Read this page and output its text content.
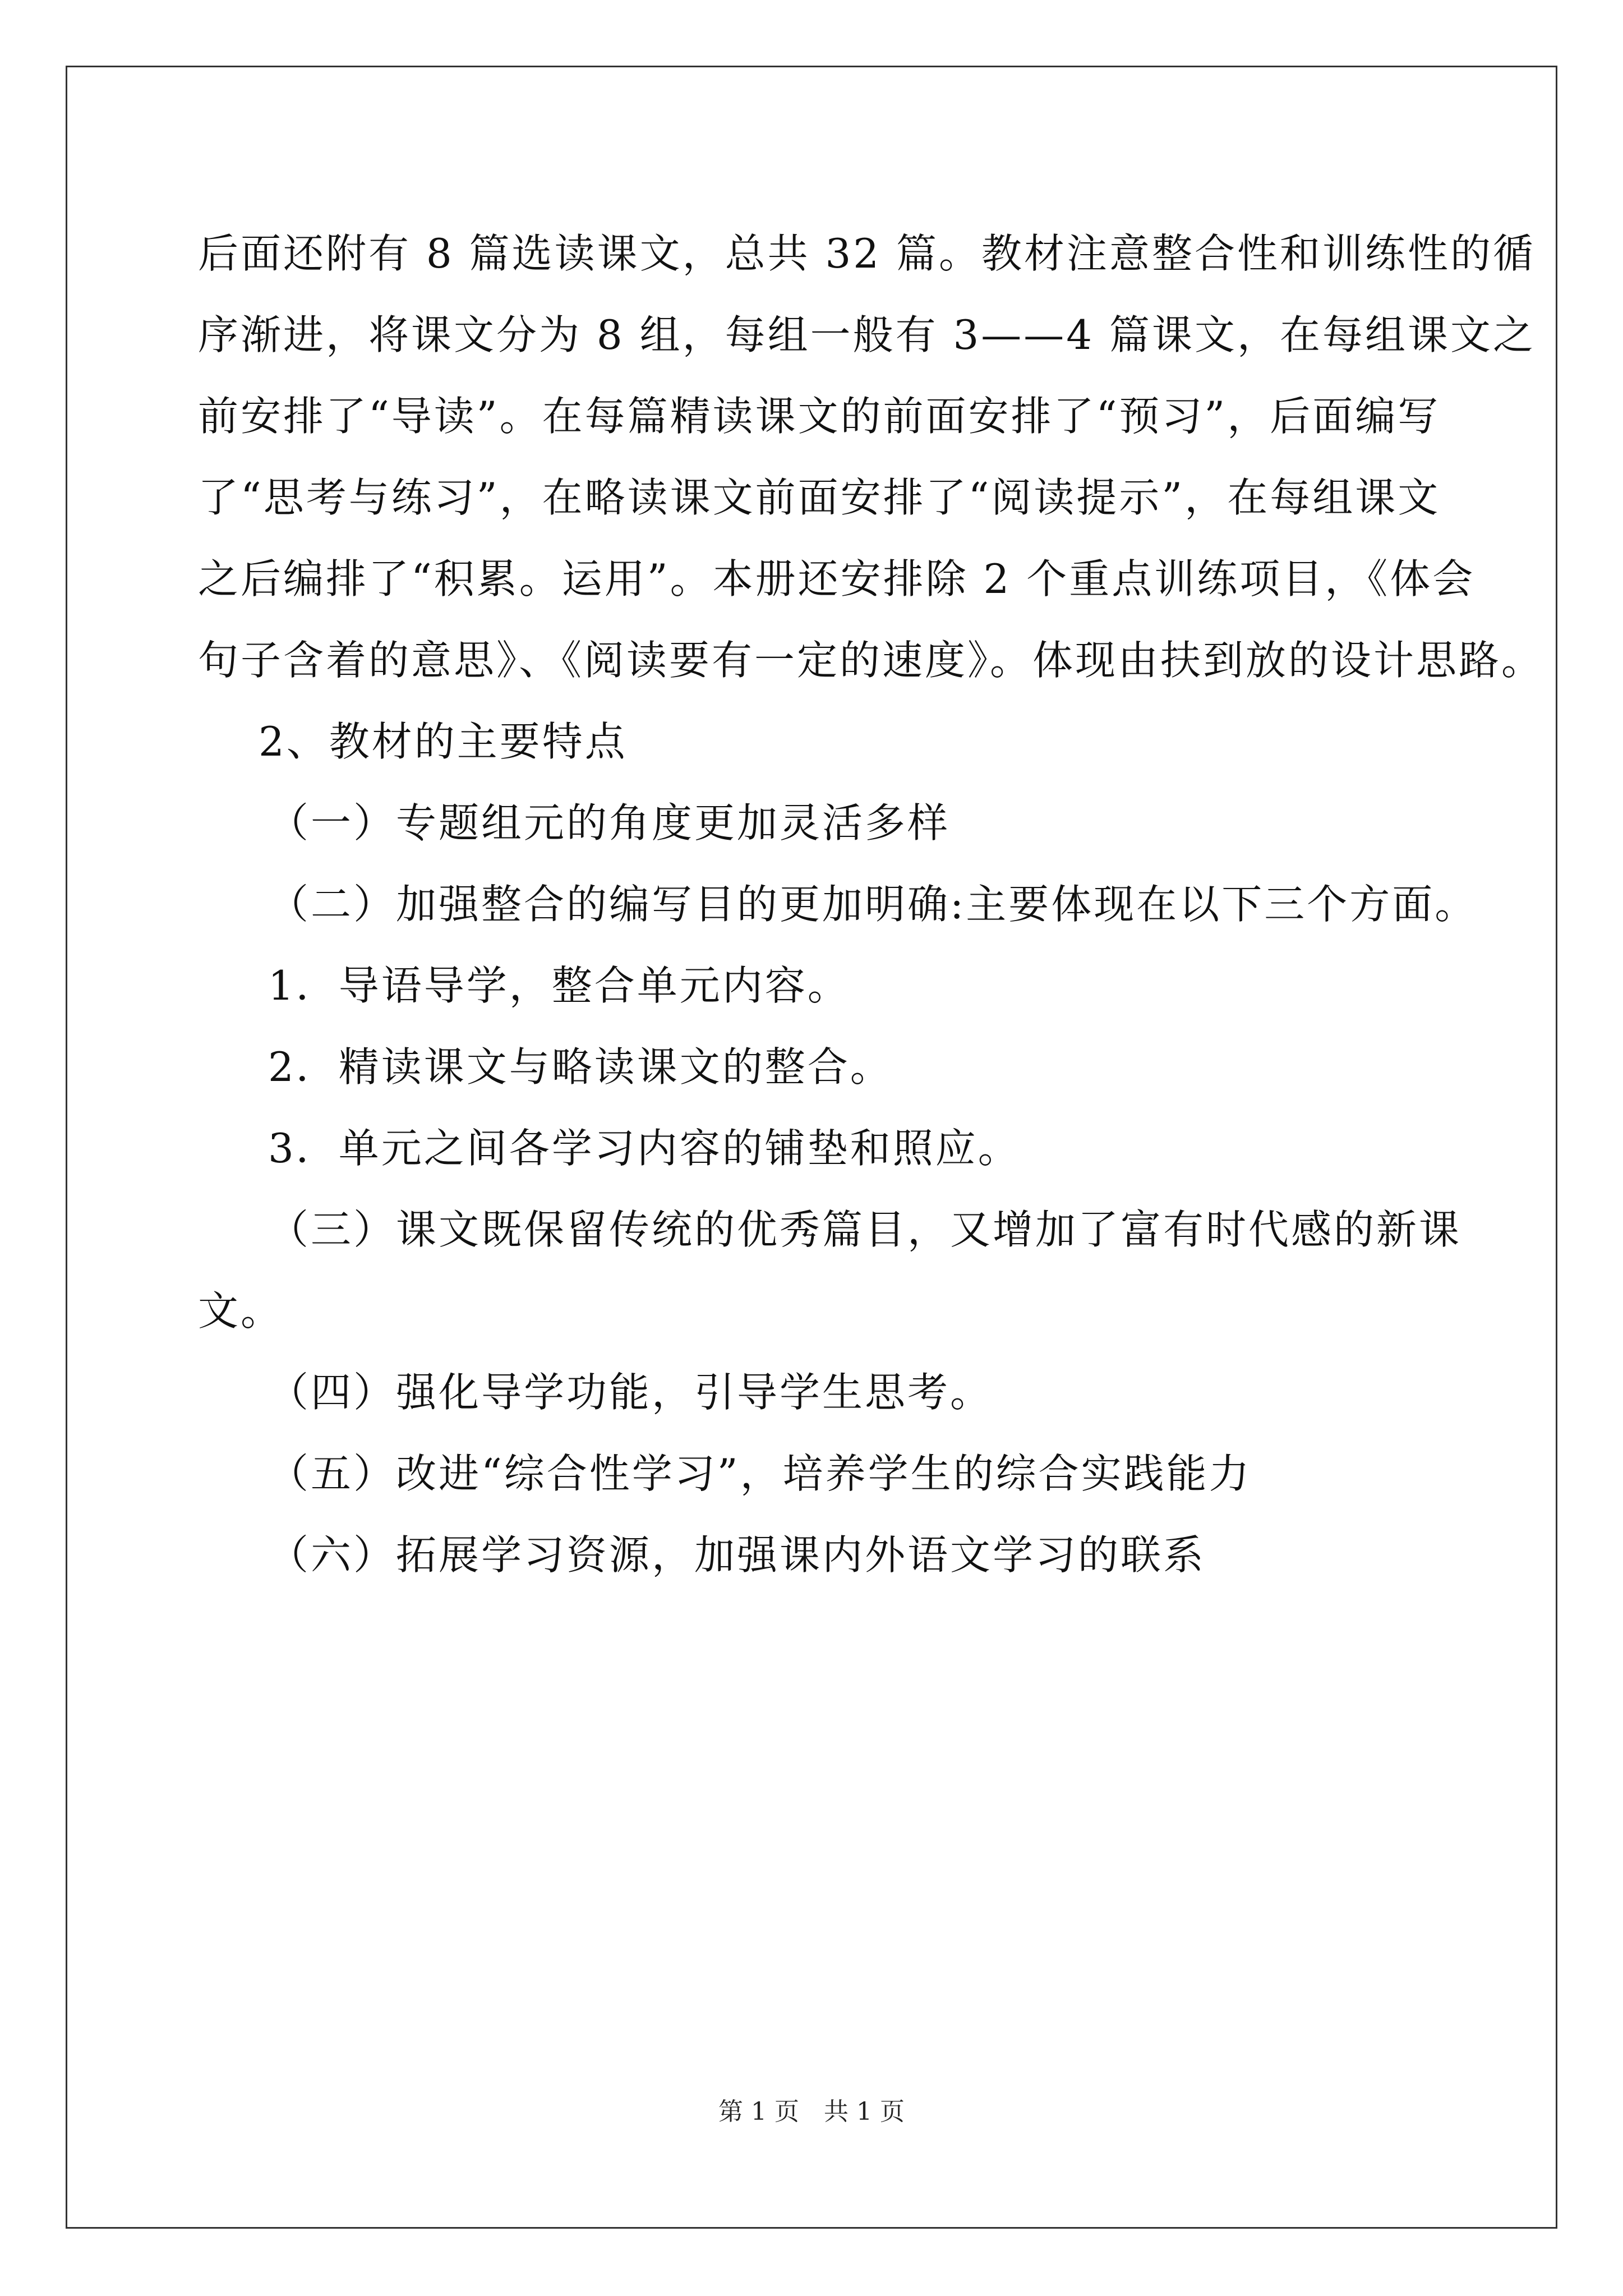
后面还附有 8 篇选读课文，总共 32 篇。教材注意整合性和训练性的循

序渐进，将课文分为 8 组，每组一般有 3——4 篇课文，在每组课文之

前安排了“导读”。在每篇精读课文的前面安排了“预习”，后面编写

了“思考与练习”，在略读课文前面安排了“阅读提示”，在每组课文

之后编排了“积累。运用”。本册还安排除 2 个重点训练项目，《体会

句子含着的意思》、《阅读要有一定的速度》。体现由扶到放的设计思路。

2、教材的主要特点

（一）专题组元的角度更加灵活多样

（二）加强整合的编写目的更加明确:主要体现在以下三个方面。

1．导语导学，整合单元内容。

2．精读课文与略读课文的整合。

3．单元之间各学习内容的铺垫和照应。

（三）课文既保留传统的优秀篇目，又增加了富有时代感的新课

文。

（四）强化导学功能，引导学生思考。

（五）改进“综合性学习”，培养学生的综合实践能力

（六）拓展学习资源，加强课内外语文学习的联系

第 1 页　共 1 页
